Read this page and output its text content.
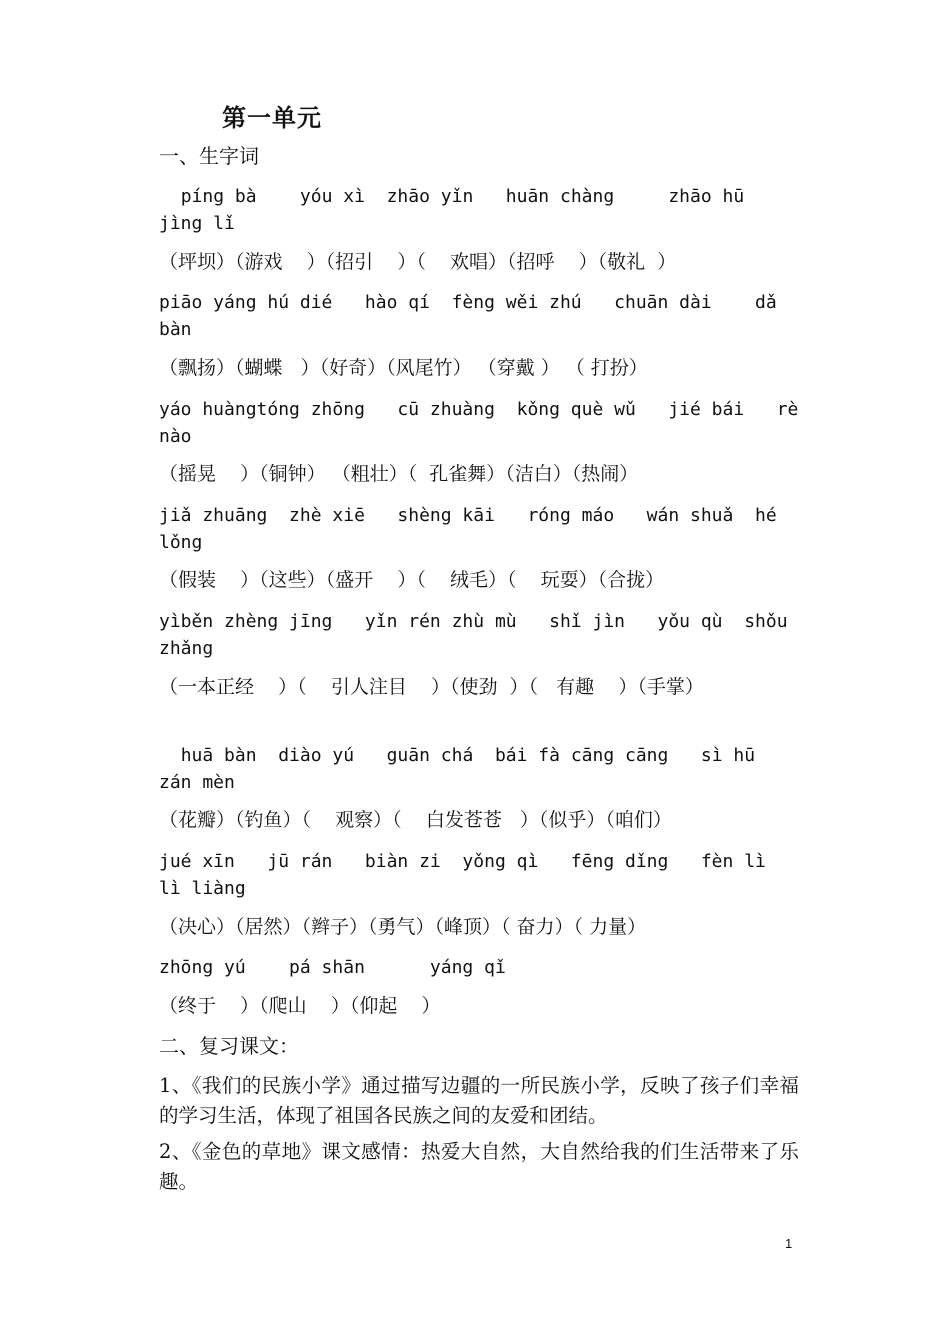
第一单元
一、生字词
píng bà    yóu xì  zhāo yǐn   huān chàng     zhāo hū    jìng lǐ
（坪坝）（游戏    ）（招引    ）（    欢唱）（招呼    ）（敬礼  ）
piāo yáng hú dié   hào qí  fèng wěi zhú   chuān dài    dǎ bàn
（飘扬）（蝴蝶   ）（好奇）（风尾竹） （穿戴 ） （ 打扮）
yáo huàngtóng zhōng   cū zhuàng  kǒng què wǔ   jié bái   rè nào
（摇晃    ）（铜钟） （粗壮）（  孔雀舞）（洁白）（热闹）
jiǎ zhuāng  zhè xiē   shèng kāi   róng máo   wán shuǎ  hé lǒng
（假装    ）（这些）（盛开    ）（    绒毛）（    玩耍）（合拢）
yìběn zhèng jīng   yǐn rén zhù mù   shǐ jìn   yǒu qù  shǒu zhǎng
（一本正经    ）（    引人注目    ）（使劲  ）（   有趣    ）（手掌）
huā bàn  diào yú   guān chá  bái fà cāng cāng   sì hū    zán mèn
（花瓣）（钓鱼）（    观察）（    白发苍苍   ）（似乎）（咱们）
jué xīn   jū rán   biàn zi  yǒng qì   fēng dǐng   fèn lì   lì liàng
（决心）（居然）（辫子）（勇气）（峰顶）（ 奋力）（ 力量）
zhōng yú    pá shān      yáng qǐ
（终于    ）（爬山    ）（仰起    ）
二、复习课文：
1、《我们的民族小学》通过描写边疆的一所民族小学，反映了孩子们幸福的学习生活，体现了祖国各民族之间的友爱和团结。
2、《金色的草地》课文感情：热爱大自然，大自然给我的们生活带来了乐趣。
1
